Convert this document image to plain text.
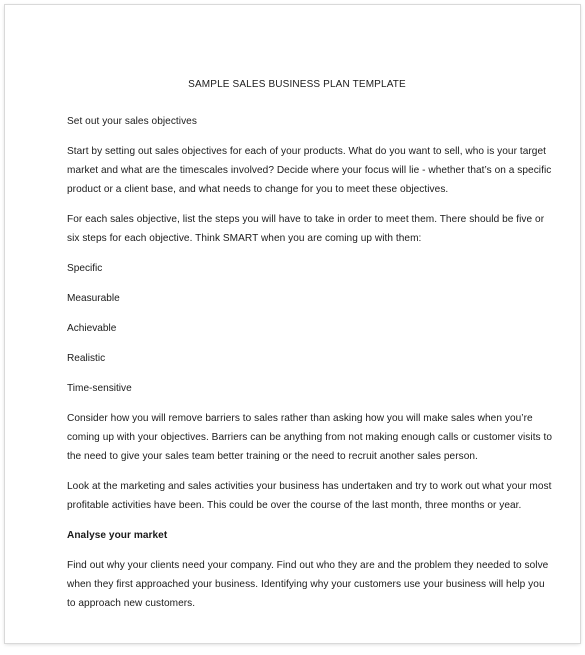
SAMPLE SALES BUSINESS PLAN TEMPLATE
Set out your sales objectives
Start by setting out sales objectives for each of your products. What do you want to sell, who is your target
market and what are the timescales involved? Decide where your focus will lie - whether that’s on a specific
product or a client base, and what needs to change for you to meet these objectives.
For each sales objective, list the steps you will have to take in order to meet them. There should be five or
six steps for each objective. Think SMART when you are coming up with them:
Specific
Measurable
Achievable
Realistic
Time-sensitive
Consider how you will remove barriers to sales rather than asking how you will make sales when you’re
coming up with your objectives. Barriers can be anything from not making enough calls or customer visits to
the need to give your sales team better training or the need to recruit another sales person.
Look at the marketing and sales activities your business has undertaken and try to work out what your most
profitable activities have been. This could be over the course of the last month, three months or year.
Analyse your market
Find out why your clients need your company. Find out who they are and the problem they needed to solve
when they first approached your business. Identifying why your customers use your business will help you
to approach new customers.
